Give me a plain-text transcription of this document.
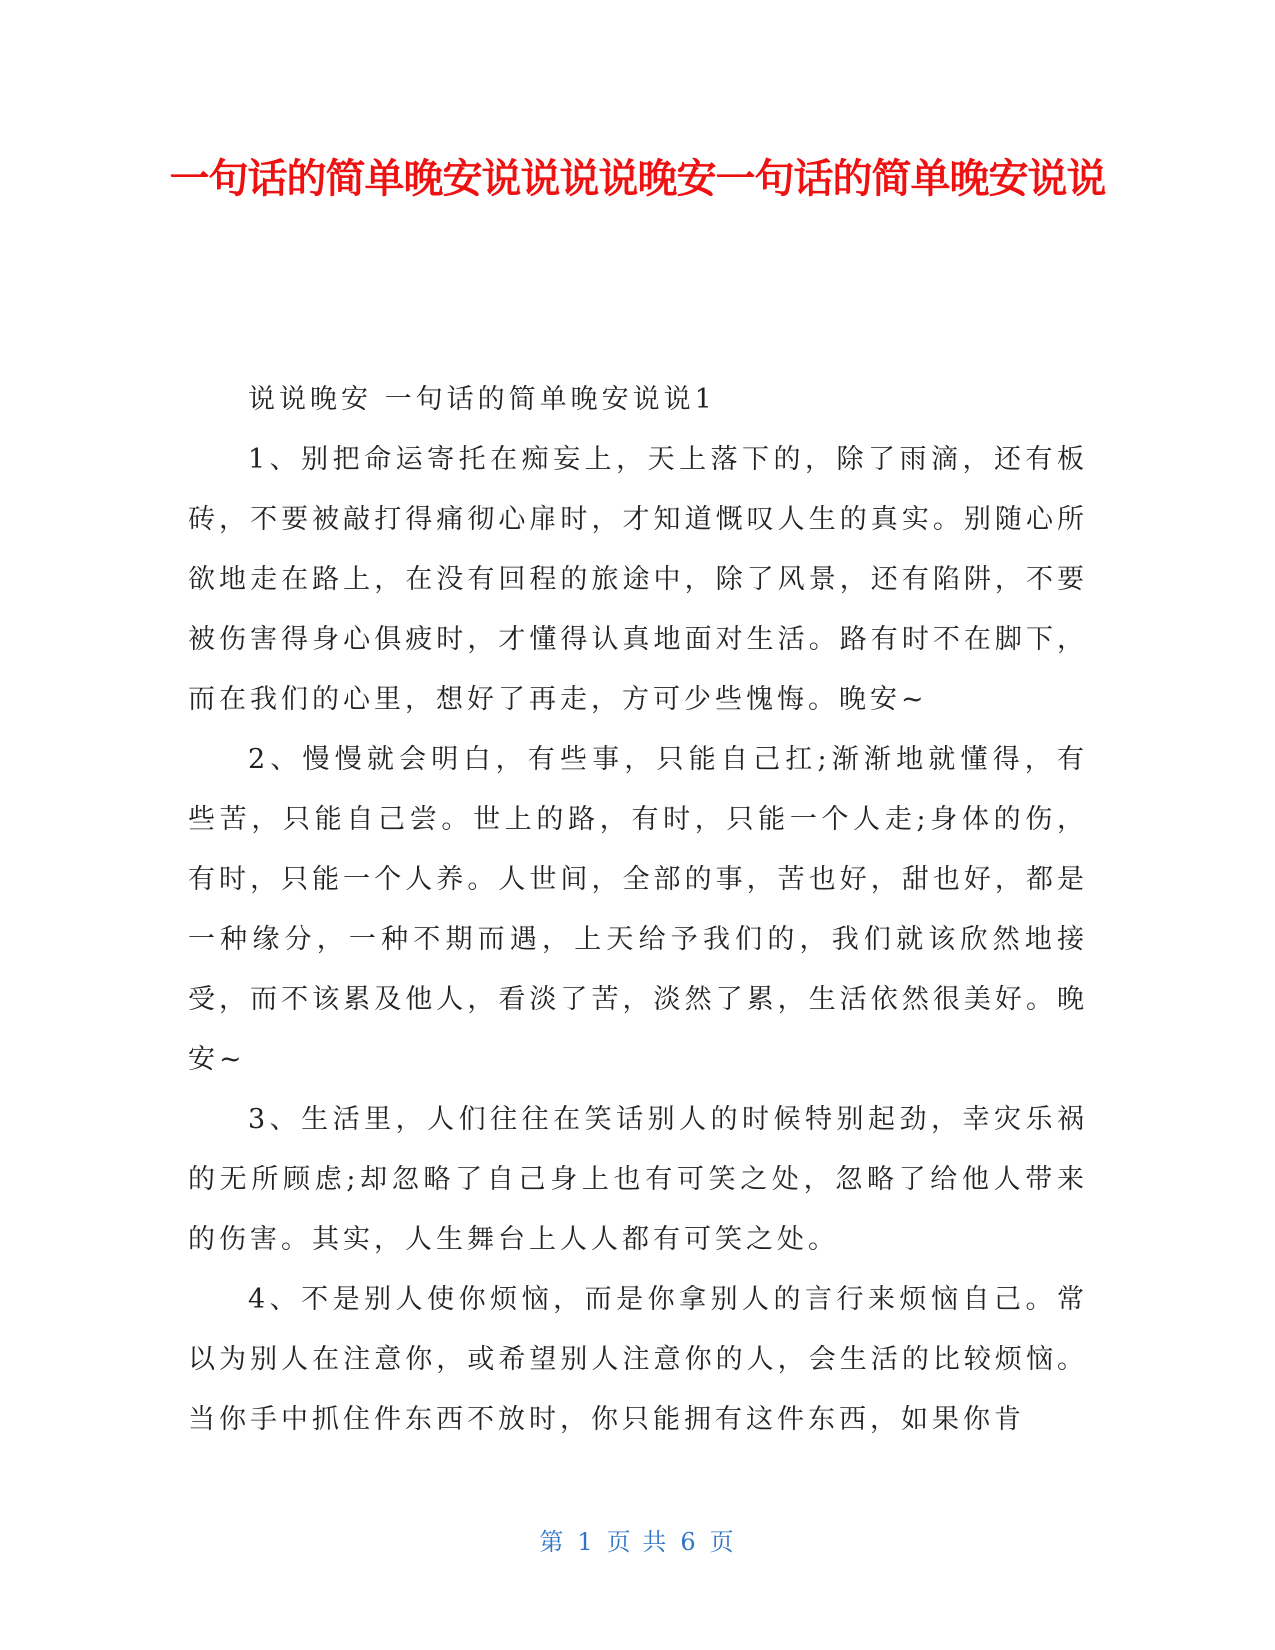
一句话的简单晚安说说说说晚安一句话的简单晚安说说

说说晚安 一句话的简单晚安说说1

1、别把命运寄托在痴妄上，天上落下的，除了雨滴，还有板砖，不要被敲打得痛彻心扉时，才知道慨叹人生的真实。别随心所欲地走在路上，在没有回程的旅途中，除了风景，还有陷阱，不要被伤害得身心俱疲时，才懂得认真地面对生活。路有时不在脚下，而在我们的心里，想好了再走，方可少些愧悔。晚安~

2、慢慢就会明白，有些事，只能自己扛;渐渐地就懂得，有些苦，只能自己尝。世上的路，有时，只能一个人走;身体的伤，有时，只能一个人养。人世间，全部的事，苦也好，甜也好，都是一种缘分，一种不期而遇，上天给予我们的，我们就该欣然地接受，而不该累及他人，看淡了苦，淡然了累，生活依然很美好。晚安~

3、生活里，人们往往在笑话别人的时候特别起劲，幸灾乐祸的无所顾虑;却忽略了自己身上也有可笑之处，忽略了给他人带来的伤害。其实，人生舞台上人人都有可笑之处。

4、不是别人使你烦恼，而是你拿别人的言行来烦恼自己。常以为别人在注意你，或希望别人注意你的人，会生活的比较烦恼。当你手中抓住件东西不放时，你只能拥有这件东西，如果你肯

第 1 页 共 6 页
